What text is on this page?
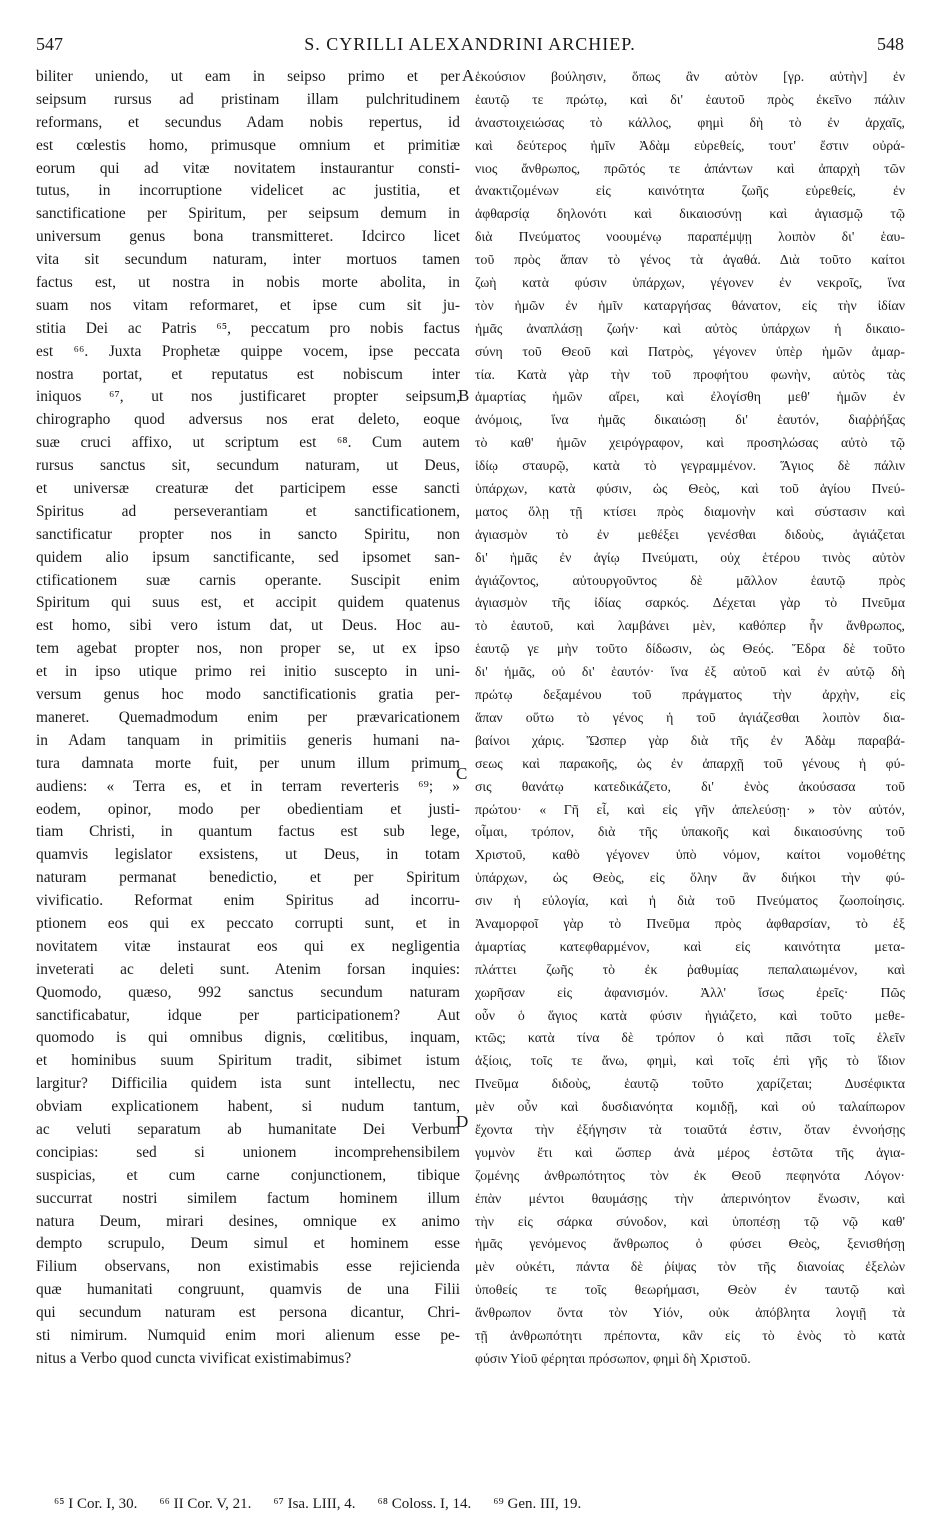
547	S. CYRILLI ALEXANDRINI ARCHIEP.	548
biliter uniendo, ut eam in seipso primo et per
seipsum rursus ad pristinam illam pulchritudinem
reformans, et secundus Adam nobis repertus, id
est cœlestis homo, primusque omnium et primitiæ
eorum qui ad vitæ novitatem instaurantur consti-
tutus, in incorruptione videlicet ac justitia, et
sanctificatione per Spiritum, per seipsum demum in
universum genus bona transmitteret. Idcirco licet
vita sit secundum naturam, inter mortuos tamen
factus est, ut nostra in nobis morte abolita, in
suam nos vitam reformaret, et ipse cum sit ju-
stitia Dei ac Patris ⁶⁵, peccatum pro nobis factus
est ⁶⁶. Juxta Prophetæ quippe vocem, ipse peccata
nostra portat, et reputatus est nobiscum inter
iniquos ⁶⁷, ut nos justificaret propter seipsum,
chirographo quod adversus nos erat deleto, eoque
suæ cruci affixo, ut scriptum est ⁶⁸. Cum autem
rursus sanctus sit, secundum naturam, ut Deus,
et universæ creaturæ det participem esse sancti
Spiritus ad perseverantiam et sanctificationem,
sanctificatur propter nos in sancto Spiritu, non
quidem alio ipsum sanctificante, sed ipsomet san-
ctificationem suæ carnis operante. Suscipit enim
Spiritum qui suus est, et accipit quidem quatenus
est homo, sibi vero istum dat, ut Deus. Hoc au-
tem agebat propter nos, non proper se, ut ex ipso
et in ipso utique primo rei initio suscepto in uni-
versum genus hoc modo sanctificationis gratia per-
maneret. Quemadmodum enim per prævaricationem
in Adam tanquam in primitiis generis humani na-
tura damnata morte fuit, per unum illum primum
audiens: « Terra es, et in terram reverteris ⁶⁹; »
eodem, opinor, modo per obedientiam et justi-
tiam Christi, in quantum factus est sub lege,
quamvis legislator exsistens, ut Deus, in totam
naturam permanat benedictio, et per Spiritum
vivificatio. Reformat enim Spiritus ad incorru-
ptionem eos qui ex peccato corrupti sunt, et in
novitatem vitæ instaurat eos qui ex negligentia
inveterati ac deleti sunt. Atenim forsan inquies:
Quomodo, quæso, 992 sanctus secundum naturam
sanctificabatur, idque per participationem? Aut
quomodo is qui omnibus dignis, cœlitibus, inquam,
et hominibus suum Spiritum tradit, sibimet istum
largitur? Difficilia quidem ista sunt intellectu, nec
obviam explicationem habent, si nudum tantum,
ac veluti separatum ab humanitate Dei Verbum
concipias: sed si unionem incomprehensibilem
suspicias, et cum carne conjunctionem, tibique
succurrat nostri similem factum hominem illum
natura Deum, mirari desines, omnique ex animo
dempto scrupulo, Deum simul et hominem esse
Filium observans, non existimabis esse rejicienda
quæ humanitati congruunt, quamvis de una Filii
qui secundum naturam est persona dicantur, Chri-
sti nimirum. Numquid enim mori alienum esse pe-
nitus a Verbo quod cuncta vivificat existimabimus?
ἑκούσιον βούλησιν, ὅπως ἂν αὐτὸν [γρ. αὐτὴν] ἐν
ἑαυτῷ τε πρώτῳ, καὶ δι' ἑαυτοῦ πρὸς ἐκεῖνο πάλιν
ἀναστοιχειώσας τὸ κάλλος, φημὶ δὴ τὸ ἐν ἀρχαῖς,
καὶ δεύτερος ἡμῖν Ἀδὰμ εὑρεθείς, τουτ' ἔστιν οὐρά-
νιος ἄνθρωπος, πρῶτός τε ἁπάντων καὶ ἀπαρχὴ τῶν
ἀνακτιζομένων εἰς καινότητα ζωῆς εὑρεθείς, ἐν
ἀφθαρσίᾳ δηλονότι καὶ δικαιοσύνῃ καὶ ἁγιασμῷ τῷ
διὰ Πνεύματος νοουμένῳ παραπέμψῃ λοιπὸν δι' ἑαυ-
τοῦ πρὸς ἅπαν τὸ γένος τὰ ἀγαθά. Διὰ τοῦτο καίτοι
ζωὴ κατὰ φύσιν ὑπάρχων, γέγονεν ἐν νεκροῖς, ἵνα
τὸν ἡμῶν ἐν ἡμῖν καταργήσας θάνατον, εἰς τὴν ἰδίαν
ἡμᾶς ἀναπλάσῃ ζωήν· καὶ αὐτὸς ὑπάρχων ἡ δικαιο-
σύνη τοῦ Θεοῦ καὶ Πατρὸς, γέγονεν ὑπὲρ ἡμῶν ἁμαρ-
τία. Κατὰ γὰρ τὴν τοῦ προφήτου φωνὴν, αὐτὸς τὰς
ἁμαρτίας ἡμῶν αἴρει, καὶ ἐλογίσθη μεθ' ἡμῶν ἐν
ἀνόμοις, ἵνα ἡμᾶς δικαιώσῃ δι' ἑαυτόν, διαῤῥήξας
τὸ καθ' ἡμῶν χειρόγραφον, καὶ προσηλώσας αὐτὸ τῷ
ἰδίῳ σταυρῷ, κατὰ τὸ γεγραμμένον. Ἅγιος δὲ πάλιν
ὑπάρχων, κατὰ φύσιν, ὡς Θεὸς, καὶ τοῦ ἁγίου Πνεύ-
ματος ὅλῃ τῇ κτίσει πρὸς διαμονὴν καὶ σύστασιν καὶ
ἁγιασμὸν τὸ ἐν μεθέξει γενέσθαι διδοὺς, ἁγιάζεται
δι' ἡμᾶς ἐν ἁγίῳ Πνεύματι, οὐχ ἑτέρου τινὸς αὐτὸν
ἁγιάζοντος, αὐτουργοῦντος δὲ μᾶλλον ἑαυτῷ πρὸς
ἁγιασμὸν τῆς ἰδίας σαρκός. Δέχεται γὰρ τὸ Πνεῦμα
τὸ ἑαυτοῦ, καὶ λαμβάνει μὲν, καθόπερ ἦν ἄνθρωπος,
ἑαυτῷ γε μὴν τοῦτο δίδωσιν, ὡς Θεός. Ἔδρα δὲ τοῦτο
δι' ἡμᾶς, οὐ δι' ἑαυτόν· ἵνα ἐξ αὐτοῦ καὶ ἐν αὐτῷ δὴ
πρώτῳ δεξαμένου τοῦ πράγματος τὴν ἀρχὴν, εἰς
ἅπαν οὕτω τὸ γένος ἡ τοῦ ἁγιάζεσθαι λοιπὸν δια-
βαίνοι χάρις. Ὥσπερ γὰρ διὰ τῆς ἐν Ἀδὰμ παραβά-
σεως καὶ παρακοῆς, ὡς ἐν ἀπαρχῇ τοῦ γένους ἡ φύ-
σις θανάτῳ κατεδικάζετο, δι' ἑνὸς ἀκούσασα τοῦ
πρώτου· « Γῆ εἶ, καὶ εἰς γῆν ἀπελεύσῃ· » τὸν αὐτόν,
οἶμαι, τρόπον, διὰ τῆς ὑπακοῆς καὶ δικαιοσύνης τοῦ
Χριστοῦ, καθὸ γέγονεν ὑπὸ νόμον, καίτοι νομοθέτης
ὑπάρχων, ὡς Θεὸς, εἰς ὅλην ἂν διήκοι τὴν φύ-
σιν ἡ εὐλογία, καὶ ἡ διὰ τοῦ Πνεύματος ζωοποίησις.
Ἀναμορφοῖ γὰρ τὸ Πνεῦμα πρὸς ἀφθαρσίαν, τὸ ἐξ
ἁμαρτίας κατεφθαρμένον, καὶ εἰς καινότητα μετα-
πλάττει ζωῆς τὸ ἐκ ῥαθυμίας πεπαλαιωμένον, καὶ
χωρῆσαν εἰς ἀφανισμόν. Ἀλλ' ἴσως ἐρεῖς· Πῶς
οὖν ὁ ἅγιος κατὰ φύσιν ἡγιάζετο, καὶ τοῦτο μεθε-
κτῶς; κατὰ τίνα δὲ τρόπον ὁ καὶ πᾶσι τοῖς ἑλεῖν
ἀξίοις, τοῖς τε ἄνω, φημὶ, καὶ τοῖς ἐπὶ γῆς τὸ ἴδιον
Πνεῦμα διδοὺς, ἑαυτῷ τοῦτο χαρίζεται; Δυσέφικτα
μὲν οὖν καὶ δυσδιανόητα κομιδῇ, καὶ οὐ ταλαίπωρον
ἔχοντα τὴν ἐξήγησιν τὰ τοιαῦτά ἐστιν, ὅταν ἐννοήσῃς
γυμνὸν ἔτι καὶ ὥσπερ ἀνὰ μέρος ἑστῶτα τῆς ἁγια-
ζομένης ἀνθρωπότητος τὸν ἐκ Θεοῦ πεφηνότα Λόγον·
ἐπὰν μέντοι θαυμάσῃς τὴν ἀπερινόητον ἕνωσιν, καὶ
τὴν εἰς σάρκα σύνοδον, καὶ ὑποπέσῃ τῷ νῷ καθ'
ἡμᾶς γενόμενος ἄνθρωπος ὁ φύσει Θεὸς, ξενισθήσῃ
μὲν οὐκέτι, πάντα δὲ ῥίψας τὸν τῆς διανοίας ἐξελὼν
ὑποθείς τε τοῖς θεωρήμασι, Θεὸν ἐν ταυτῷ καὶ
ἄνθρωπον ὄντα τὸν Υἱόν, οὐκ ἀπόβλητα λογιῇ τὰ
τῇ ἀνθρωπότητι πρέποντα, κἂν εἰς τὸ ἑνὸς τὸ κατὰ
φύσιν Υἱοῦ φέρηται πρόσωπον, φημὶ δὴ Χριστοῦ.
A
B
C
D
⁶⁵ I Cor. I, 30. ⁶⁶ II Cor. V, 21. ⁶⁷ Isa. LIII, 4. ⁶⁸ Coloss. I, 14. ⁶⁹ Gen. III, 19.
